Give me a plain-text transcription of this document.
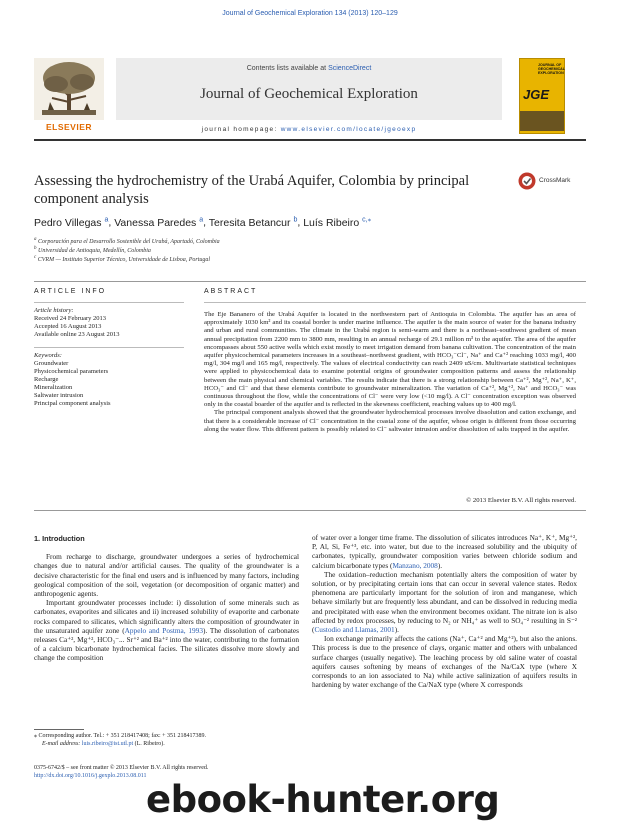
Journal of Geochemical Exploration 134 (2013) 120–129
ELSEVIER
Contents lists available at ScienceDirect
Journal of Geochemical Exploration
journal homepage: www.elsevier.com/locate/jgeoexp
JOURNAL OF GEOCHEMICAL EXPLORATION
JGE
Assessing the hydrochemistry of the Urabá Aquifer, Colombia by principal component analysis
CrossMark
Pedro Villegas $^a$, Vanessa Paredes $^a$, Teresita Betancur $^b$, Luís Ribeiro $^{c,⁎}$
$^a$ Corporación para el Desarrollo Sostenible del Urabá, Apartadó, Colombia
$^b$ Universidad de Antioquia, Medellín, Colombia
$^c$ CVRM — Instituto Superior Técnico, Universidade de Lisboa, Portugal
ARTICLE INFO
Article history:
Received 24 February 2013
Accepted 16 August 2013
Available online 23 August 2013
Keywords:
Groundwater
Physicochemical parameters
Recharge
Mineralization
Saltwater intrusion
Principal component analysis
ABSTRACT

The Eje Bananero of the Urabá Aquifer is located in the northwestern part of Antioquia in Colombia. The aquifer has an area of approximately 1030 km² and its coastal border is under marine influence. The aquifer is the main source of water for the banana industry and urban and rural communities. The climate in the Urabá region is semi-warm and there is a northeast–southwest gradient of mean annual precipitation from 2200 mm to 3800 mm, resulting in an annual recharge of 29.1 million m³ to the aquifer. The area of the aquifer encompasses about 550 active wells which exist mostly to meet irrigation demand from banana cultivation. The concentration of the main aquifer physicochemical parameters increases in a southeast–northwest gradient, with HCO₃⁻Cl⁻, Na⁺ and Ca⁺² reaching 1033 mg/l, 400 mg/l, 304 mg/l and 165 mg/l, respectively. The values of electrical conductivity can reach 2409 uS/cm. Multivariate statistical techniques were applied to physicochemical data to examine potential origins of groundwater composition patterns and assess the relationship between the main physical and chemical variables. The results indicate that there is a strong relationship between Ca⁺², Mg⁺², Na⁺, K⁺, HCO₃⁻ and Cl⁻ and that these elements contribute to groundwater mineralization. The variation of Ca⁺², Mg⁺², Na⁺ and HCO₃⁻ was continuous throughout the flow, while the concentrations of Cl⁻ were very low (<10 mg/l). A Cl⁻ concentration exception was observed only in the coastal boarder of the aquifer and is reflected in the skewness coefficient, reaching values up to 400 mg/l.

The principal component analysis showed that the groundwater hydrochemical processes involve dissolution and cation exchange, and that there is a considerable increase of Cl⁻ concentration in the coastal zone of the aquifer, whose origin is different from those occurring along the water flow. This different pattern is possibly related to Cl⁻ saltwater intrusion and/or dissolution of salts trapped in the aquifer.

© 2013 Elsevier B.V. All rights reserved.
1. Introduction

From recharge to discharge, groundwater undergoes a series of hydrochemical changes due to natural and/or artificial causes. The quality of the groundwater is a decisive characteristic for the final end users and is influenced by many factors, including geological composition of the soil, vegetation (or decomposition of organic matter) and anthropogenic agents.

Important groundwater processes include: i) dissolution of some minerals such as carbonates, evaporites and silicates and ii) increased solubility of evaporite and carbonate rocks compared to silicates, which significantly alters the composition of groundwater in the unsaturated aquifer zone (Appelo and Postma, 1993). The dissolution of carbonates releases Ca⁺², Mg⁺², HCO₃⁻... Sr⁺² and Ba⁺² into the water, contributing to the formation of a calcium bicarbonate hydrochemical facies. The silicates dissolve more slowly and change the composition

of water over a longer time frame. The dissolution of silicates introduces Na⁺, K⁺, Mg⁺², P, Al, Si, Fe⁺³, etc. into water, but due to the increased solubility and the ubiquity of carbonates, typically, groundwater composition varies between chloride sodium and calcium bicarbonate types (Manzano, 2008).

The oxidation–reduction mechanism potentially alters the composition of water by solution, or by precipitating certain ions that can occur in several valence states. Redox phenomena are particularly important for the solution of iron and manganese, which behave similarly but are frequently less abundant, and can be dissolved in reducing media and precipitated with ease when the environment becomes oxidant. The nitrate ion is also affected by redox processes, by reducing to N₂ or NH₄⁺ as well to SO₄⁻² resulting in S⁻² (Custodio and Llamas, 2001).

Ion exchange primarily affects the cations (Na⁺, Ca⁺² and Mg⁺²), but also the anions. This process is due to the presence of clays, organic matter and others with unbalanced surface charges (usually negative). The leaching process by old saline water of coastal aquifers causes softening by means of exchanges of the Na/CaX type (where X corresponds to an ion associated to Na) while active salinization of aquifers results in hardening by water exchange of the Ca/NaX type (where X corresponds

⁎ Corresponding author. Tel.: + 351 218417408; fax: + 351 218417389.
E-mail address: luis.ribeiro@ist.utl.pt (L. Ribeiro).
0375-6742/$ – see front matter © 2013 Elsevier B.V. All rights reserved.
http://dx.doi.org/10.1016/j.gexplo.2013.08.011
ebook-hunter.org
